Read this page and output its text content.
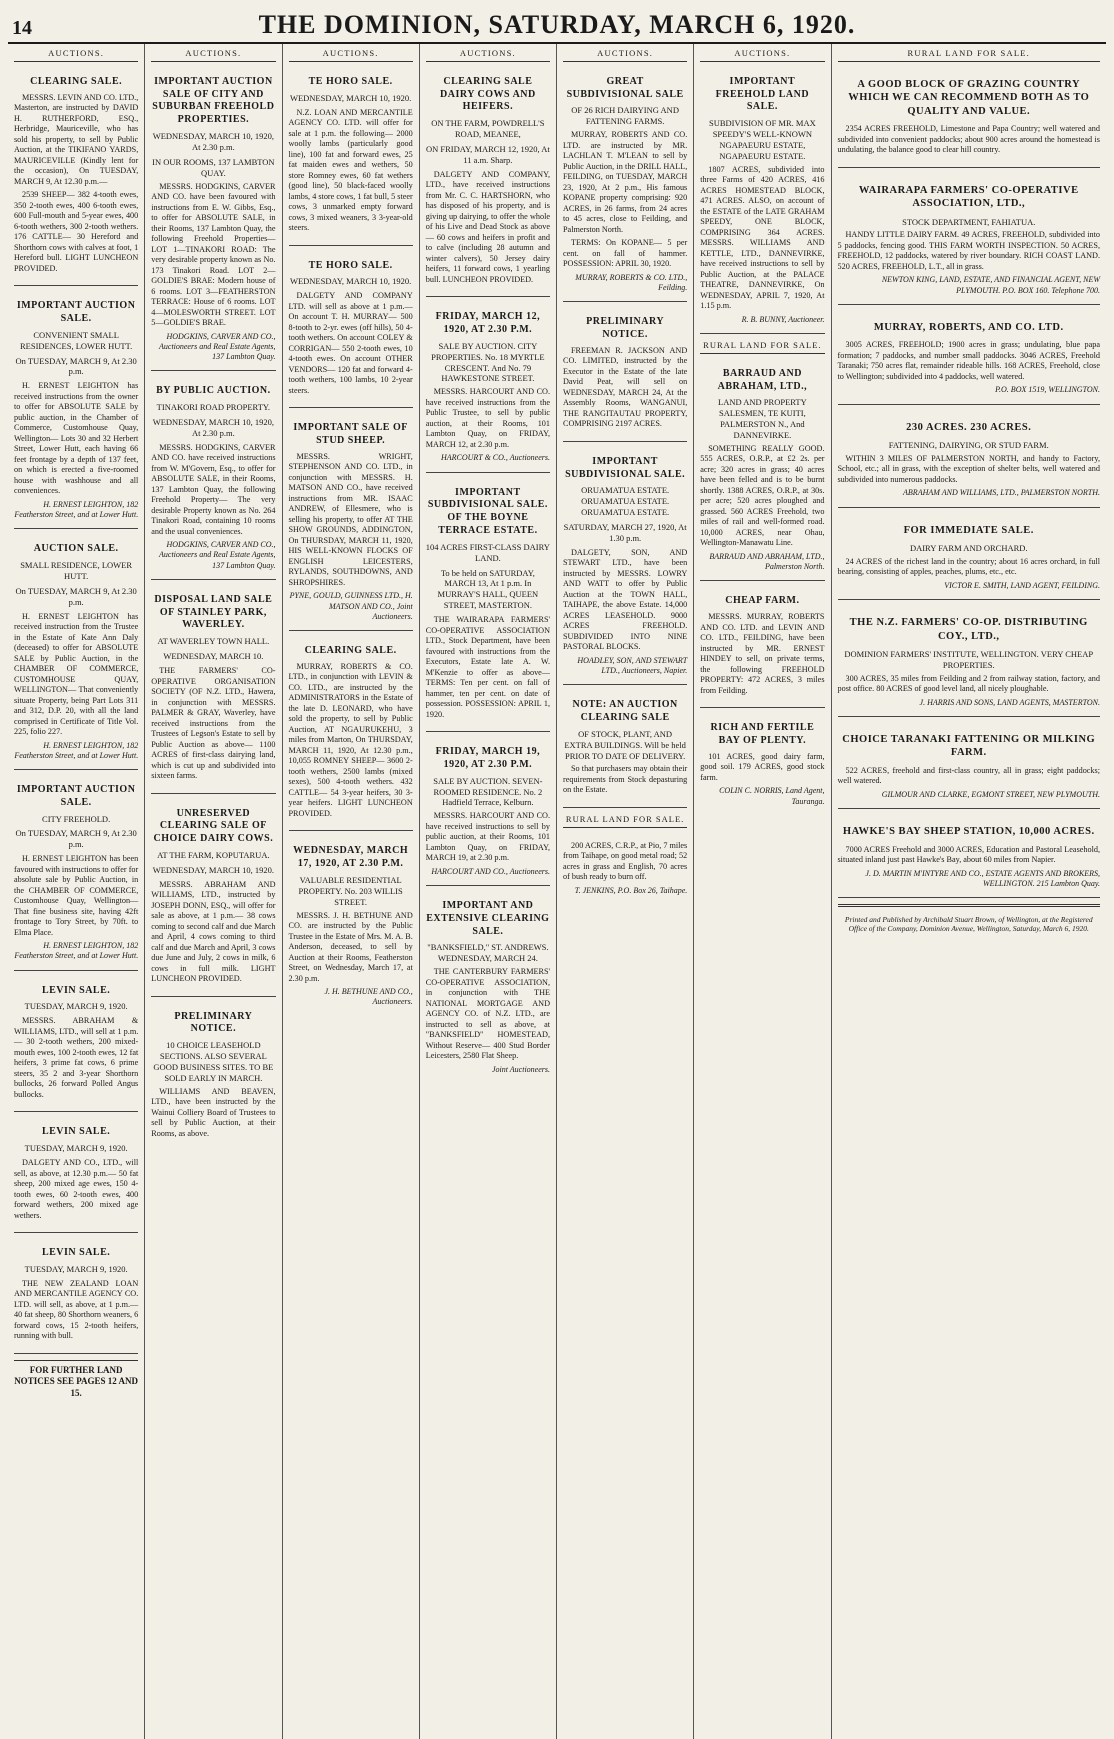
14	THE DOMINION, SATURDAY, MARCH 6, 1920.
AUCTIONS.
CLEARING SALE.

MESSRS. LEVIN AND CO. LTD., Masterton, are instructed by DAVID H. RUTHERFORD, ESQ., Herbridge, Mauriceville, who has sold his property, to sell by Public Auction, at the TIKIFANO YARDS, MAURICEVILLE (Kindly lent for the occasion), On TUESDAY, MARCH 9, At 12.30 p.m.—

2539 SHEEP— 382 4-tooth ewes, 350 2-tooth ewes, 400 6-tooth ewes, 600 Full-mouth and 5-year ewes, 400 6-tooth wethers, 300 2-tooth wethers. 176 CATTLE— 30 Hereford and Shorthorn cows with calves at foot, 1 Hereford bull. LIGHT LUNCHEON PROVIDED.

IMPORTANT AUCTION SALE.
CONVENIENT SMALL RESIDENCES, LOWER HUTT.
On TUESDAY, MARCH 9, At 2.30 p.m.

H. ERNEST LEIGHTON has received instructions from the owner to offer for ABSOLUTE SALE by public auction, in the Chamber of Commerce, Customhouse Quay, Wellington— Lots 30 and 32 Herbert Street, Lower Hutt, each having 66 feet frontage by a depth of 137 feet, on which is erected a five-roomed house with washhouse and all conveniences.

H. ERNEST LEIGHTON, 182 Featherston Street, and at Lower Hutt.
AUCTION SALE.
SMALL RESIDENCE, LOWER HUTT.
On TUESDAY, MARCH 9, At 2.30 p.m.

H. ERNEST LEIGHTON has received instruction from the Trustee in the Estate of Kate Ann Daly (deceased) to offer for ABSOLUTE SALE by Public Auction, in the CHAMBER OF COMMERCE, CUSTOMHOUSE QUAY, WELLINGTON— That conveniently situate Property, being Part Lots 311 and 312, D.P. 20, with all the land comprised in Certificate of Title Vol. 225, folio 227.

H. ERNEST LEIGHTON, 182 Featherston Street, and at Lower Hutt.
IMPORTANT AUCTION SALE.
CITY FREEHOLD.
On TUESDAY, MARCH 9, At 2.30 p.m.

H. ERNEST LEIGHTON has been favoured with instructions to offer for absolute sale by Public Auction, in the CHAMBER OF COMMERCE, Customhouse Quay, Wellington— That fine business site, having 42ft frontage to Tory Street, by 70ft. to Elma Place.

H. ERNEST LEIGHTON, 182 Featherston Street, and at Lower Hutt.
LEVIN SALE.
TUESDAY, MARCH 9, 1920.

MESSRS. ABRAHAM & WILLIAMS, LTD., will sell at 1 p.m.— 30 2-tooth wethers, 200 mixed-mouth ewes, 100 2-tooth ewes, 12 fat heifers, 3 prime fat cows, 6 prime steers, 35 2 and 3-year Shorthorn bullocks, 26 forward Polled Angus bullocks.

LEVIN SALE.
TUESDAY, MARCH 9, 1920.

DALGETY AND CO., LTD., will sell, as above, at 12.30 p.m.— 50 fat sheep, 200 mixed age ewes, 150 4-tooth ewes, 60 2-tooth ewes, 400 forward wethers, 200 mixed age wethers.

LEVIN SALE.
TUESDAY, MARCH 9, 1920.

THE NEW ZEALAND LOAN AND MERCANTILE AGENCY CO. LTD. will sell, as above, at 1 p.m.— 40 fat sheep, 80 Shorthorn weaners, 6 forward cows, 15 2-tooth heifers, running with bull.

FOR FURTHER LAND NOTICES SEE PAGES 12 AND 15.
AUCTIONS.
IMPORTANT AUCTION SALE OF CITY AND SUBURBAN FREEHOLD PROPERTIES.
WEDNESDAY, MARCH 10, 1920, At 2.30 p.m.
IN OUR ROOMS, 137 LAMBTON QUAY.

MESSRS. HODGKINS, CARVER AND CO. have been favoured with instructions from E. W. Gibbs, Esq., to offer for ABSOLUTE SALE, in their Rooms, 137 Lambton Quay, the following Freehold Properties— LOT 1—TINAKORI ROAD: The very desirable property known as No. 173 Tinakori Road. LOT 2—GOLDIE'S BRAE: Modern house of 6 rooms. LOT 3—FEATHERSTON TERRACE: House of 6 rooms. LOT 4—MOLESWORTH STREET. LOT 5—GOLDIE'S BRAE.

HODGKINS, CARVER AND CO., Auctioneers and Real Estate Agents, 137 Lambton Quay.
BY PUBLIC AUCTION.
TINAKORI ROAD PROPERTY.
WEDNESDAY, MARCH 10, 1920, At 2.30 p.m.

MESSRS. HODGKINS, CARVER AND CO. have received instructions from W. M'Govern, Esq., to offer for ABSOLUTE SALE, in their Rooms, 137 Lambton Quay, the following Freehold Property— The very desirable Property known as No. 264 Tinakori Road, containing 10 rooms and the usual conveniences.

HODGKINS, CARVER AND CO., Auctioneers and Real Estate Agents, 137 Lambton Quay.
DISPOSAL LAND SALE OF STAINLEY PARK, WAVERLEY.
AT WAVERLEY TOWN HALL.
WEDNESDAY, MARCH 10.

THE FARMERS' CO-OPERATIVE ORGANISATION SOCIETY (OF N.Z. LTD., Hawera, in conjunction with MESSRS. PALMER & GRAY, Waverley, have received instructions from the Trustees of Legson's Estate to sell by Public Auction as above— 1100 ACRES of first-class dairying land, which is cut up and subdivided into sixteen farms.

UNRESERVED CLEARING SALE OF CHOICE DAIRY COWS.
AT THE FARM, KOPUTARUA.
WEDNESDAY, MARCH 10, 1920.

MESSRS. ABRAHAM AND WILLIAMS, LTD., instructed by JOSEPH DONN, ESQ., will offer for sale as above, at 1 p.m.— 38 cows coming to second calf and due March and April, 4 cows coming to third calf and due March and April, 3 cows due June and July, 2 cows in milk, 6 cows in full milk. LIGHT LUNCHEON PROVIDED.

PRELIMINARY NOTICE.
10 CHOICE LEASEHOLD SECTIONS. ALSO SEVERAL GOOD BUSINESS SITES. TO BE SOLD EARLY IN MARCH.

WILLIAMS AND BEAVEN, LTD., have been instructed by the Wainui Colliery Board of Trustees to sell by Public Auction, at their Rooms, as above.

AUCTIONS.
TE HORO SALE.
WEDNESDAY, MARCH 10, 1920.

N.Z. LOAN AND MERCANTILE AGENCY CO. LTD. will offer for sale at 1 p.m. the following— 2000 woolly lambs (particularly good line), 100 fat and forward ewes, 25 fat maiden ewes and wethers, 50 store Romney ewes, 60 fat wethers (good line), 50 black-faced woolly lambs, 4 store cows, 1 fat bull, 5 steer cows, 3 unmarked empty forward cows, 3 mixed weaners, 3 3-year-old steers.

TE HORO SALE.
WEDNESDAY, MARCH 10, 1920.

DALGETY AND COMPANY LTD. will sell as above at 1 p.m.— On account T. H. MURRAY— 500 8-tooth to 2-yr. ewes (off hills), 50 4-tooth wethers. On account COLEY & CORRIGAN— 550 2-tooth ewes, 10 4-tooth ewes. On account OTHER VENDORS— 120 fat and forward 4-tooth wethers, 100 lambs, 10 2-year steers.

IMPORTANT SALE OF STUD SHEEP.

MESSRS. WRIGHT, STEPHENSON AND CO. LTD., in conjunction with MESSRS. H. MATSON AND CO., have received instructions from MR. ISAAC ANDREW, of Ellesmere, who is selling his property, to offer AT THE SHOW GROUNDS, ADDINGTON, On THURSDAY, MARCH 11, 1920, HIS WELL-KNOWN FLOCKS OF ENGLISH LEICESTERS, RYLANDS, SOUTHDOWNS, AND SHROPSHIRES.

PYNE, GOULD, GUINNESS LTD., H. MATSON AND CO., Joint Auctioneers.
CLEARING SALE.

MURRAY, ROBERTS & CO. LTD., in conjunction with LEVIN & CO. LTD., are instructed by the ADMINISTRATORS in the Estate of the late D. LEONARD, who have sold the property, to sell by Public Auction, AT NGAURUKEHU, 3 miles from Marton, On THURSDAY, MARCH 11, 1920, At 12.30 p.m., 10,055 ROMNEY SHEEP— 3600 2-tooth wethers, 2500 lambs (mixed sexes), 500 4-tooth wethers. 432 CATTLE— 54 3-year heifers, 30 3-year heifers. LIGHT LUNCHEON PROVIDED.

WEDNESDAY, MARCH 17, 1920, AT 2.30 P.M.
VALUABLE RESIDENTIAL PROPERTY. No. 203 WILLIS STREET.

MESSRS. J. H. BETHUNE AND CO. are instructed by the Public Trustee in the Estate of Mrs. M. A. B. Anderson, deceased, to sell by Auction at their Rooms, Featherston Street, on Wednesday, March 17, at 2.30 p.m.

J. H. BETHUNE AND CO., Auctioneers.
AUCTIONS.
CLEARING SALE DAIRY COWS AND HEIFERS.
ON THE FARM, POWDRELL'S ROAD, MEANEE,
ON FRIDAY, MARCH 12, 1920, At 11 a.m. Sharp.

DALGETY AND COMPANY, LTD., have received instructions from Mr. C. C. HARTSHORN, who has disposed of his property, and is giving up dairying, to offer the whole of his Live and Dead Stock as above— 60 cows and heifers in profit and to calve (including 28 autumn and winter calvers), 50 Jersey dairy heifers, 11 forward cows, 1 yearling bull. LUNCHEON PROVIDED.

FRIDAY, MARCH 12, 1920, AT 2.30 P.M.
SALE BY AUCTION. CITY PROPERTIES. No. 18 MYRTLE CRESCENT. And No. 79 HAWKESTONE STREET.

MESSRS. HARCOURT AND CO. have received instructions from the Public Trustee, to sell by public auction, at their Rooms, 101 Lambton Quay, on FRIDAY, MARCH 12, at 2.30 p.m.

HARCOURT & CO., Auctioneers.
IMPORTANT SUBDIVISIONAL SALE. OF THE BOYNE TERRACE ESTATE.
104 ACRES FIRST-CLASS DAIRY LAND.
To be held on SATURDAY, MARCH 13, At 1 p.m. In MURRAY'S HALL, QUEEN STREET, MASTERTON.

THE WAIRARAPA FARMERS' CO-OPERATIVE ASSOCIATION LTD., Stock Department, have been favoured with instructions from the Executors, Estate late A. W. M'Kenzie to offer as above— TERMS: Ten per cent. on fall of hammer, ten per cent. on date of possession. POSSESSION: APRIL 1, 1920.

FRIDAY, MARCH 19, 1920, AT 2.30 P.M.
SALE BY AUCTION. SEVEN-ROOMED RESIDENCE. No. 2 Hadfield Terrace, Kelburn.

MESSRS. HARCOURT AND CO. have received instructions to sell by public auction, at their Rooms, 101 Lambton Quay, on FRIDAY, MARCH 19, at 2.30 p.m.

HARCOURT AND CO., Auctioneers.
IMPORTANT AND EXTENSIVE CLEARING SALE.
"BANKSFIELD," ST. ANDREWS. WEDNESDAY, MARCH 24.

THE CANTERBURY FARMERS' CO-OPERATIVE ASSOCIATION, in conjunction with THE NATIONAL MORTGAGE AND AGENCY CO. of N.Z. LTD., are instructed to sell as above, at "BANKSFIELD" HOMESTEAD, Without Reserve— 400 Stud Border Leicesters, 2580 Flat Sheep.

Joint Auctioneers.
AUCTIONS.
GREAT SUBDIVISIONAL SALE
OF 26 RICH DAIRYING AND FATTENING FARMS.

MURRAY, ROBERTS AND CO. LTD. are instructed by MR. LACHLAN T. M'LEAN to sell by Public Auction, in the DRILL HALL, FEILDING, on TUESDAY, MARCH 23, 1920, At 2 p.m., His famous KOPANE property comprising: 920 ACRES, in 26 farms, from 24 acres to 45 acres, close to Feilding, and Palmerston North.

TERMS: On KOPANE— 5 per cent. on fall of hammer. POSSESSION: APRIL 30, 1920.

MURRAY, ROBERTS & CO. LTD., Feilding.
PRELIMINARY NOTICE.

FREEMAN R. JACKSON AND CO. LIMITED, instructed by the Executor in the Estate of the late David Peat, will sell on WEDNESDAY, MARCH 24, At the Assembly Rooms, WANGANUI, THE RANGITAUTAU PROPERTY, COMPRISING 2197 ACRES.

IMPORTANT SUBDIVISIONAL SALE.
ORUAMATUA ESTATE. ORUAMATUA ESTATE. ORUAMATUA ESTATE.
SATURDAY, MARCH 27, 1920, At 1.30 p.m.

DALGETY, SON, AND STEWART LTD., have been instructed by MESSRS. LOWRY AND WATT to offer by Public Auction at the TOWN HALL, TAIHAPE, the above Estate. 14,000 ACRES LEASEHOLD. 9000 ACRES FREEHOLD. SUBDIVIDED INTO NINE PASTORAL BLOCKS.

HOADLEY, SON, AND STEWART LTD., Auctioneers, Napier.
NOTE: AN AUCTION CLEARING SALE
OF STOCK, PLANT, AND EXTRA BUILDINGS. Will be held PRIOR TO DATE OF DELIVERY.

So that purchasers may obtain their requirements from Stock depasturing on the Estate.

RURAL LAND FOR SALE.

200 ACRES, C.R.P., at Pio, 7 miles from Taihape, on good metal road; 52 acres in grass and English, 70 acres of bush ready to burn off.

T. JENKINS, P.O. Box 26, Taihape.
AUCTIONS.
IMPORTANT FREEHOLD LAND SALE.
SUBDIVISION OF MR. MAX SPEEDY'S WELL-KNOWN NGAPAEURU ESTATE, NGAPAEURU ESTATE.

1807 ACRES, subdivided into three Farms of 420 ACRES, 416 ACRES HOMESTEAD BLOCK, 471 ACRES. ALSO, on account of the ESTATE of the LATE GRAHAM SPEEDY, ONE BLOCK, COMPRISING 364 ACRES. MESSRS. WILLIAMS AND KETTLE, LTD., DANNEVIRKE, have received instructions to sell by Public Auction, at the PALACE THEATRE, DANNEVIRKE, On WEDNESDAY, APRIL 7, 1920, At 1.15 p.m.

R. B. BUNNY, Auctioneer.
RURAL LAND FOR SALE.
BARRAUD AND ABRAHAM, LTD.,
LAND AND PROPERTY SALESMEN, TE KUITI, PALMERSTON N., And DANNEVIRKE.

SOMETHING REALLY GOOD. 555 ACRES, O.R.P., at £2 2s. per acre; 320 acres in grass; 40 acres have been felled and is to be burnt shortly. 1388 ACRES, O.R.P., at 30s. per acre; 520 acres ploughed and grassed. 560 ACRES Freehold, two miles of rail and well-formed road. 10,000 ACRES, near Ohau, Wellington-Manawatu Line.

BARRAUD AND ABRAHAM, LTD., Palmerston North.
CHEAP FARM.

MESSRS. MURRAY, ROBERTS AND CO. LTD. and LEVIN AND CO. LTD., FEILDING, have been instructed by MR. ERNEST HINDEY to sell, on private terms, the following FREEHOLD PROPERTY: 472 ACRES, 3 miles from Feilding.

RICH AND FERTILE BAY OF PLENTY.

101 ACRES, good dairy farm, good soil. 179 ACRES, good stock farm.

COLIN C. NORRIS, Land Agent, Tauranga.
RURAL LAND FOR SALE.
A GOOD BLOCK OF GRAZING COUNTRY WHICH WE CAN RECOMMEND BOTH AS TO QUALITY AND VALUE.

2354 ACRES FREEHOLD, Limestone and Papa Country; well watered and subdivided into convenient paddocks; about 900 acres around the homestead is undulating, the balance good to clear hill country.

WAIRARAPA FARMERS' CO-OPERATIVE ASSOCIATION, LTD.,
STOCK DEPARTMENT, FAHIATUA.

HANDY LITTLE DAIRY FARM. 49 ACRES, FREEHOLD, subdivided into 5 paddocks, fencing good. THIS FARM WORTH INSPECTION. 50 ACRES, FREEHOLD, 12 paddocks, watered by river boundary. RICH COAST LAND. 520 ACRES, FREEHOLD, L.T., all in grass.

NEWTON KING, LAND, ESTATE, AND FINANCIAL AGENT, NEW PLYMOUTH. P.O. BOX 160. Telephone 700.
MURRAY, ROBERTS, AND CO. LTD.

3005 ACRES, FREEHOLD; 1900 acres in grass; undulating, blue papa formation; 7 paddocks, and number small paddocks. 3046 ACRES, Freehold Taranaki; 750 acres flat, remainder rideable hills. 168 ACRES, Freehold, close to Wellington; subdivided into 4 paddocks, well watered.

P.O. BOX 1519, WELLINGTON.
230 ACRES. 230 ACRES.
FATTENING, DAIRYING, OR STUD FARM.

WITHIN 3 MILES OF PALMERSTON NORTH, and handy to Factory, School, etc.; all in grass, with the exception of shelter belts, well watered and subdivided into numerous paddocks.

ABRAHAM AND WILLIAMS, LTD., PALMERSTON NORTH.
FOR IMMEDIATE SALE.
DAIRY FARM AND ORCHARD.

24 ACRES of the richest land in the country; about 16 acres orchard, in full bearing, consisting of apples, peaches, plums, etc., etc.

VICTOR E. SMITH, LAND AGENT, FEILDING.
THE N.Z. FARMERS' CO-OP. DISTRIBUTING COY., LTD.,
DOMINION FARMERS' INSTITUTE, WELLINGTON. VERY CHEAP PROPERTIES.

300 ACRES, 35 miles from Feilding and 2 from railway station, factory, and post office. 80 ACRES of good level land, all nicely ploughable.

J. HARRIS AND SONS, LAND AGENTS, MASTERTON.
CHOICE TARANAKI FATTENING OR MILKING FARM.

522 ACRES, freehold and first-class country, all in grass; eight paddocks; well watered.

GILMOUR AND CLARKE, EGMONT STREET, NEW PLYMOUTH.
HAWKE'S BAY SHEEP STATION, 10,000 ACRES.

7000 ACRES Freehold and 3000 ACRES, Education and Pastoral Leasehold, situated inland just past Hawke's Bay, about 60 miles from Napier.

J. D. MARTIN M'INTYRE AND CO., ESTATE AGENTS AND BROKERS, WELLINGTON. 215 Lambton Quay.

Printed and Published by Archibald Stuart Brown, of Wellington, at the Registered Office of the Company, Dominion Avenue, Wellington, Saturday, March 6, 1920.
